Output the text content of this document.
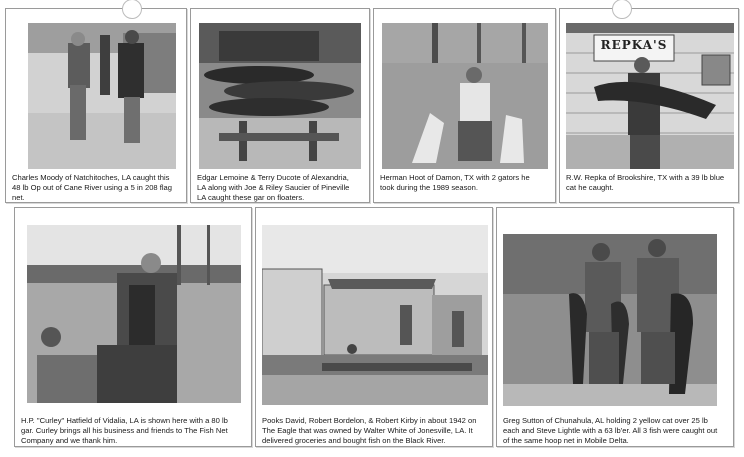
Charles Moody of Natchitoches, LA caught this
48 lb Op out of Cane River using a 5 in 208 flag
net.
Edgar Lemoine & Terry Ducote of Alexandria,
LA along with Joe & Riley Saucier of Pineville
LA caught these gar on floaters.
Herman Hoot of Damon, TX with 2 gators he
took during the 1989 season.
REPKA'S
R.W. Repka of Brookshire, TX with a 39 lb blue
cat he caught.
H.P. "Curley" Hatfield of Vidalia, LA is shown here with a 80 lb
gar. Curley brings all his business and friends to The Fish Net
Company and we thank him.
Pooks David, Robert Bordelon, & Robert Kirby in about 1942 on
The Eagle that was owned by Walter White of Jonesville, LA. It
delivered groceries and bought fish on the Black River.
Greg Sutton of Chunahula, AL holding 2 yellow cat over 25 lb
each and Steve Lightle with a 63 lb'er. All 3 fish were caught out
of the same hoop net in Mobile Delta.
